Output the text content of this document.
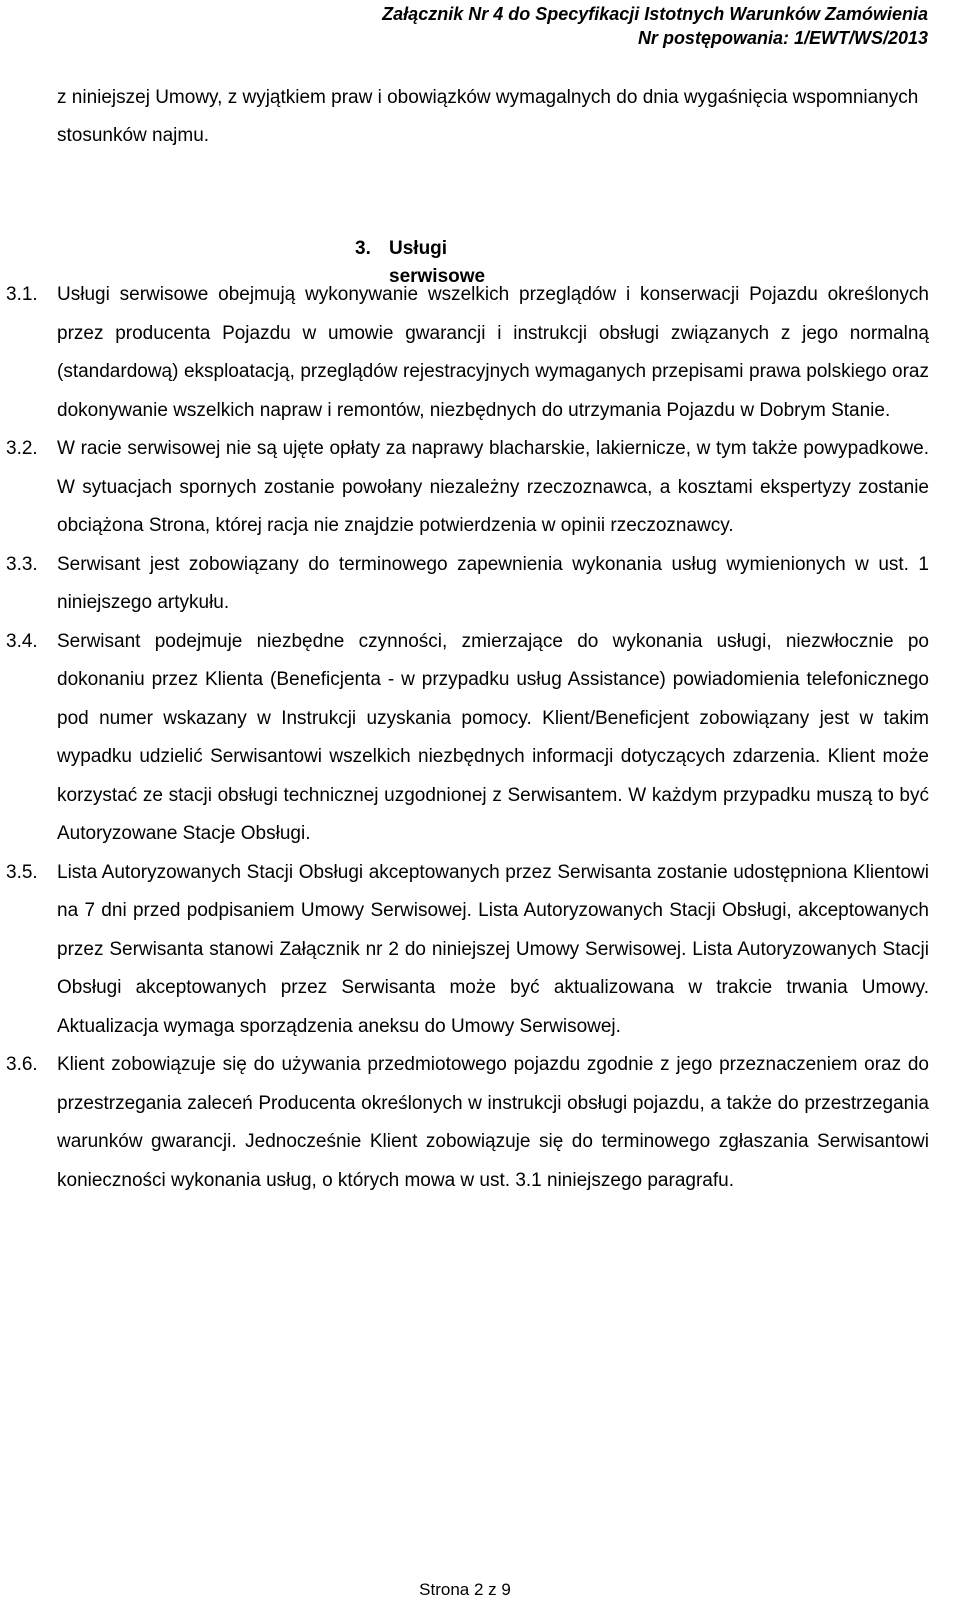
Załącznik Nr 4 do Specyfikacji Istotnych Warunków Zamówienia
Nr postępowania: 1/EWT/WS/2013
z niniejszej Umowy, z wyjątkiem praw i obowiązków wymagalnych do dnia wygaśnięcia wspomnianych stosunków najmu.
3. Usługi serwisowe
3.1. Usługi serwisowe obejmują wykonywanie wszelkich przeglądów i konserwacji Pojazdu określonych przez producenta Pojazdu w umowie gwarancji i instrukcji obsługi związanych z jego normalną (standardową) eksploatacją, przeglądów rejestracyjnych wymaganych przepisami prawa polskiego oraz dokonywanie wszelkich napraw i remontów, niezbędnych do utrzymania Pojazdu w Dobrym Stanie.
3.2. W racie serwisowej nie są ujęte opłaty za naprawy blacharskie, lakiernicze, w tym także powypadkowe. W sytuacjach spornych zostanie powołany niezależny rzeczoznawca, a kosztami ekspertyzy zostanie obciążona Strona, której racja nie znajdzie potwierdzenia w opinii rzeczoznawcy.
3.3. Serwisant jest zobowiązany do terminowego zapewnienia wykonania usług wymienionych w ust. 1 niniejszego artykułu.
3.4. Serwisant podejmuje niezbędne czynności, zmierzające do wykonania usługi, niezwłocznie po dokonaniu przez Klienta (Beneficjenta - w przypadku usług Assistance) powiadomienia telefonicznego pod numer wskazany w Instrukcji uzyskania pomocy. Klient/Beneficjent zobowiązany jest w takim wypadku udzielić Serwisantowi wszelkich niezbędnych informacji dotyczących zdarzenia. Klient może korzystać ze stacji obsługi technicznej uzgodnionej z Serwisantem. W każdym przypadku muszą to być Autoryzowane Stacje Obsługi.
3.5. Lista Autoryzowanych Stacji Obsługi akceptowanych przez Serwisanta zostanie udostępniona Klientowi na 7 dni przed podpisaniem Umowy Serwisowej. Lista Autoryzowanych Stacji Obsługi, akceptowanych przez Serwisanta stanowi Załącznik nr 2 do niniejszej Umowy Serwisowej. Lista Autoryzowanych Stacji Obsługi akceptowanych przez Serwisanta może być aktualizowana w trakcie trwania Umowy. Aktualizacja wymaga sporządzenia aneksu do Umowy Serwisowej.
3.6. Klient zobowiązuje się do używania przedmiotowego pojazdu zgodnie z jego przeznaczeniem oraz do przestrzegania zaleceń Producenta określonych w instrukcji obsługi pojazdu, a także do przestrzegania warunków gwarancji. Jednocześnie Klient zobowiązuje się do terminowego zgłaszania Serwisantowi konieczności wykonania usług, o których mowa w ust. 3.1 niniejszego paragrafu.
Strona 2 z 9
